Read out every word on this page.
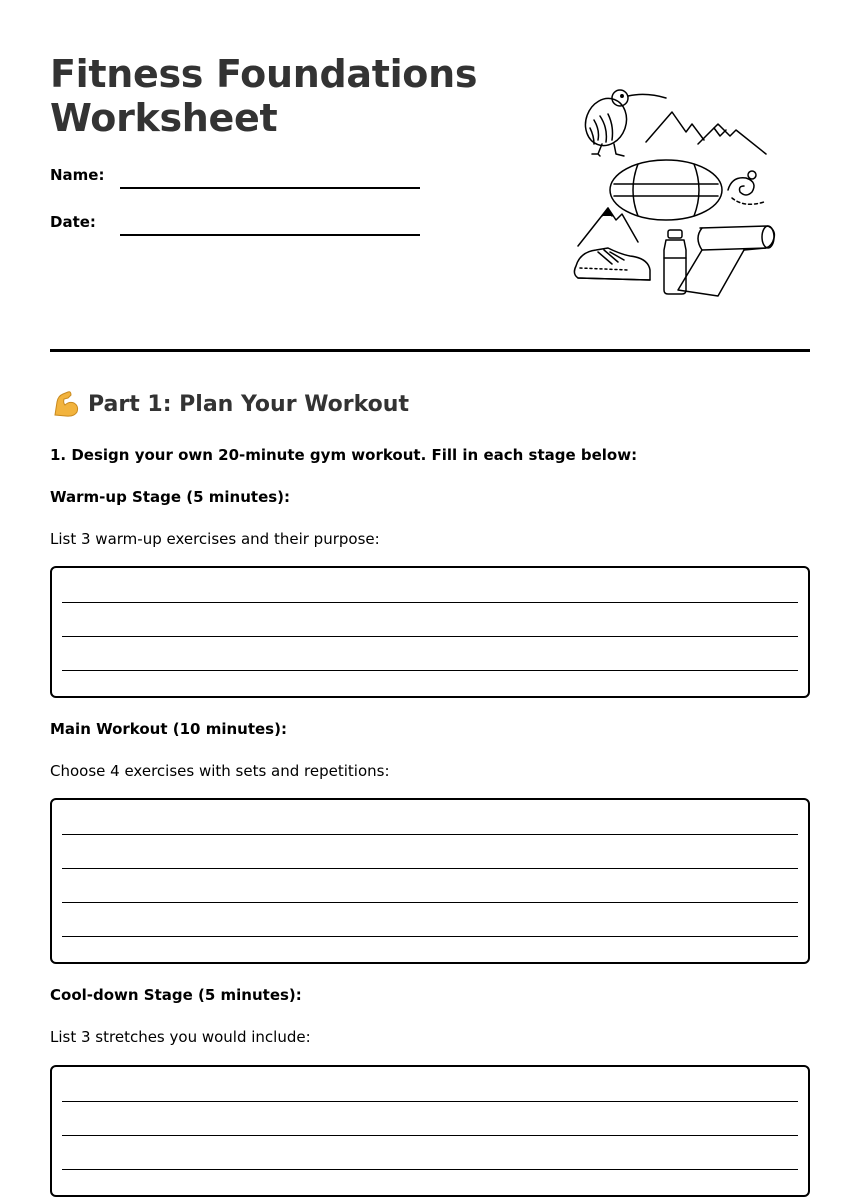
Fitness Foundations
Worksheet
Name:
Date:
Part 1: Plan Your Workout
1. Design your own 20-minute gym workout. Fill in each stage below:
Warm-up Stage (5 minutes):
List 3 warm-up exercises and their purpose:
Main Workout (10 minutes):
Choose 4 exercises with sets and repetitions:
Cool-down Stage (5 minutes):
List 3 stretches you would include:
